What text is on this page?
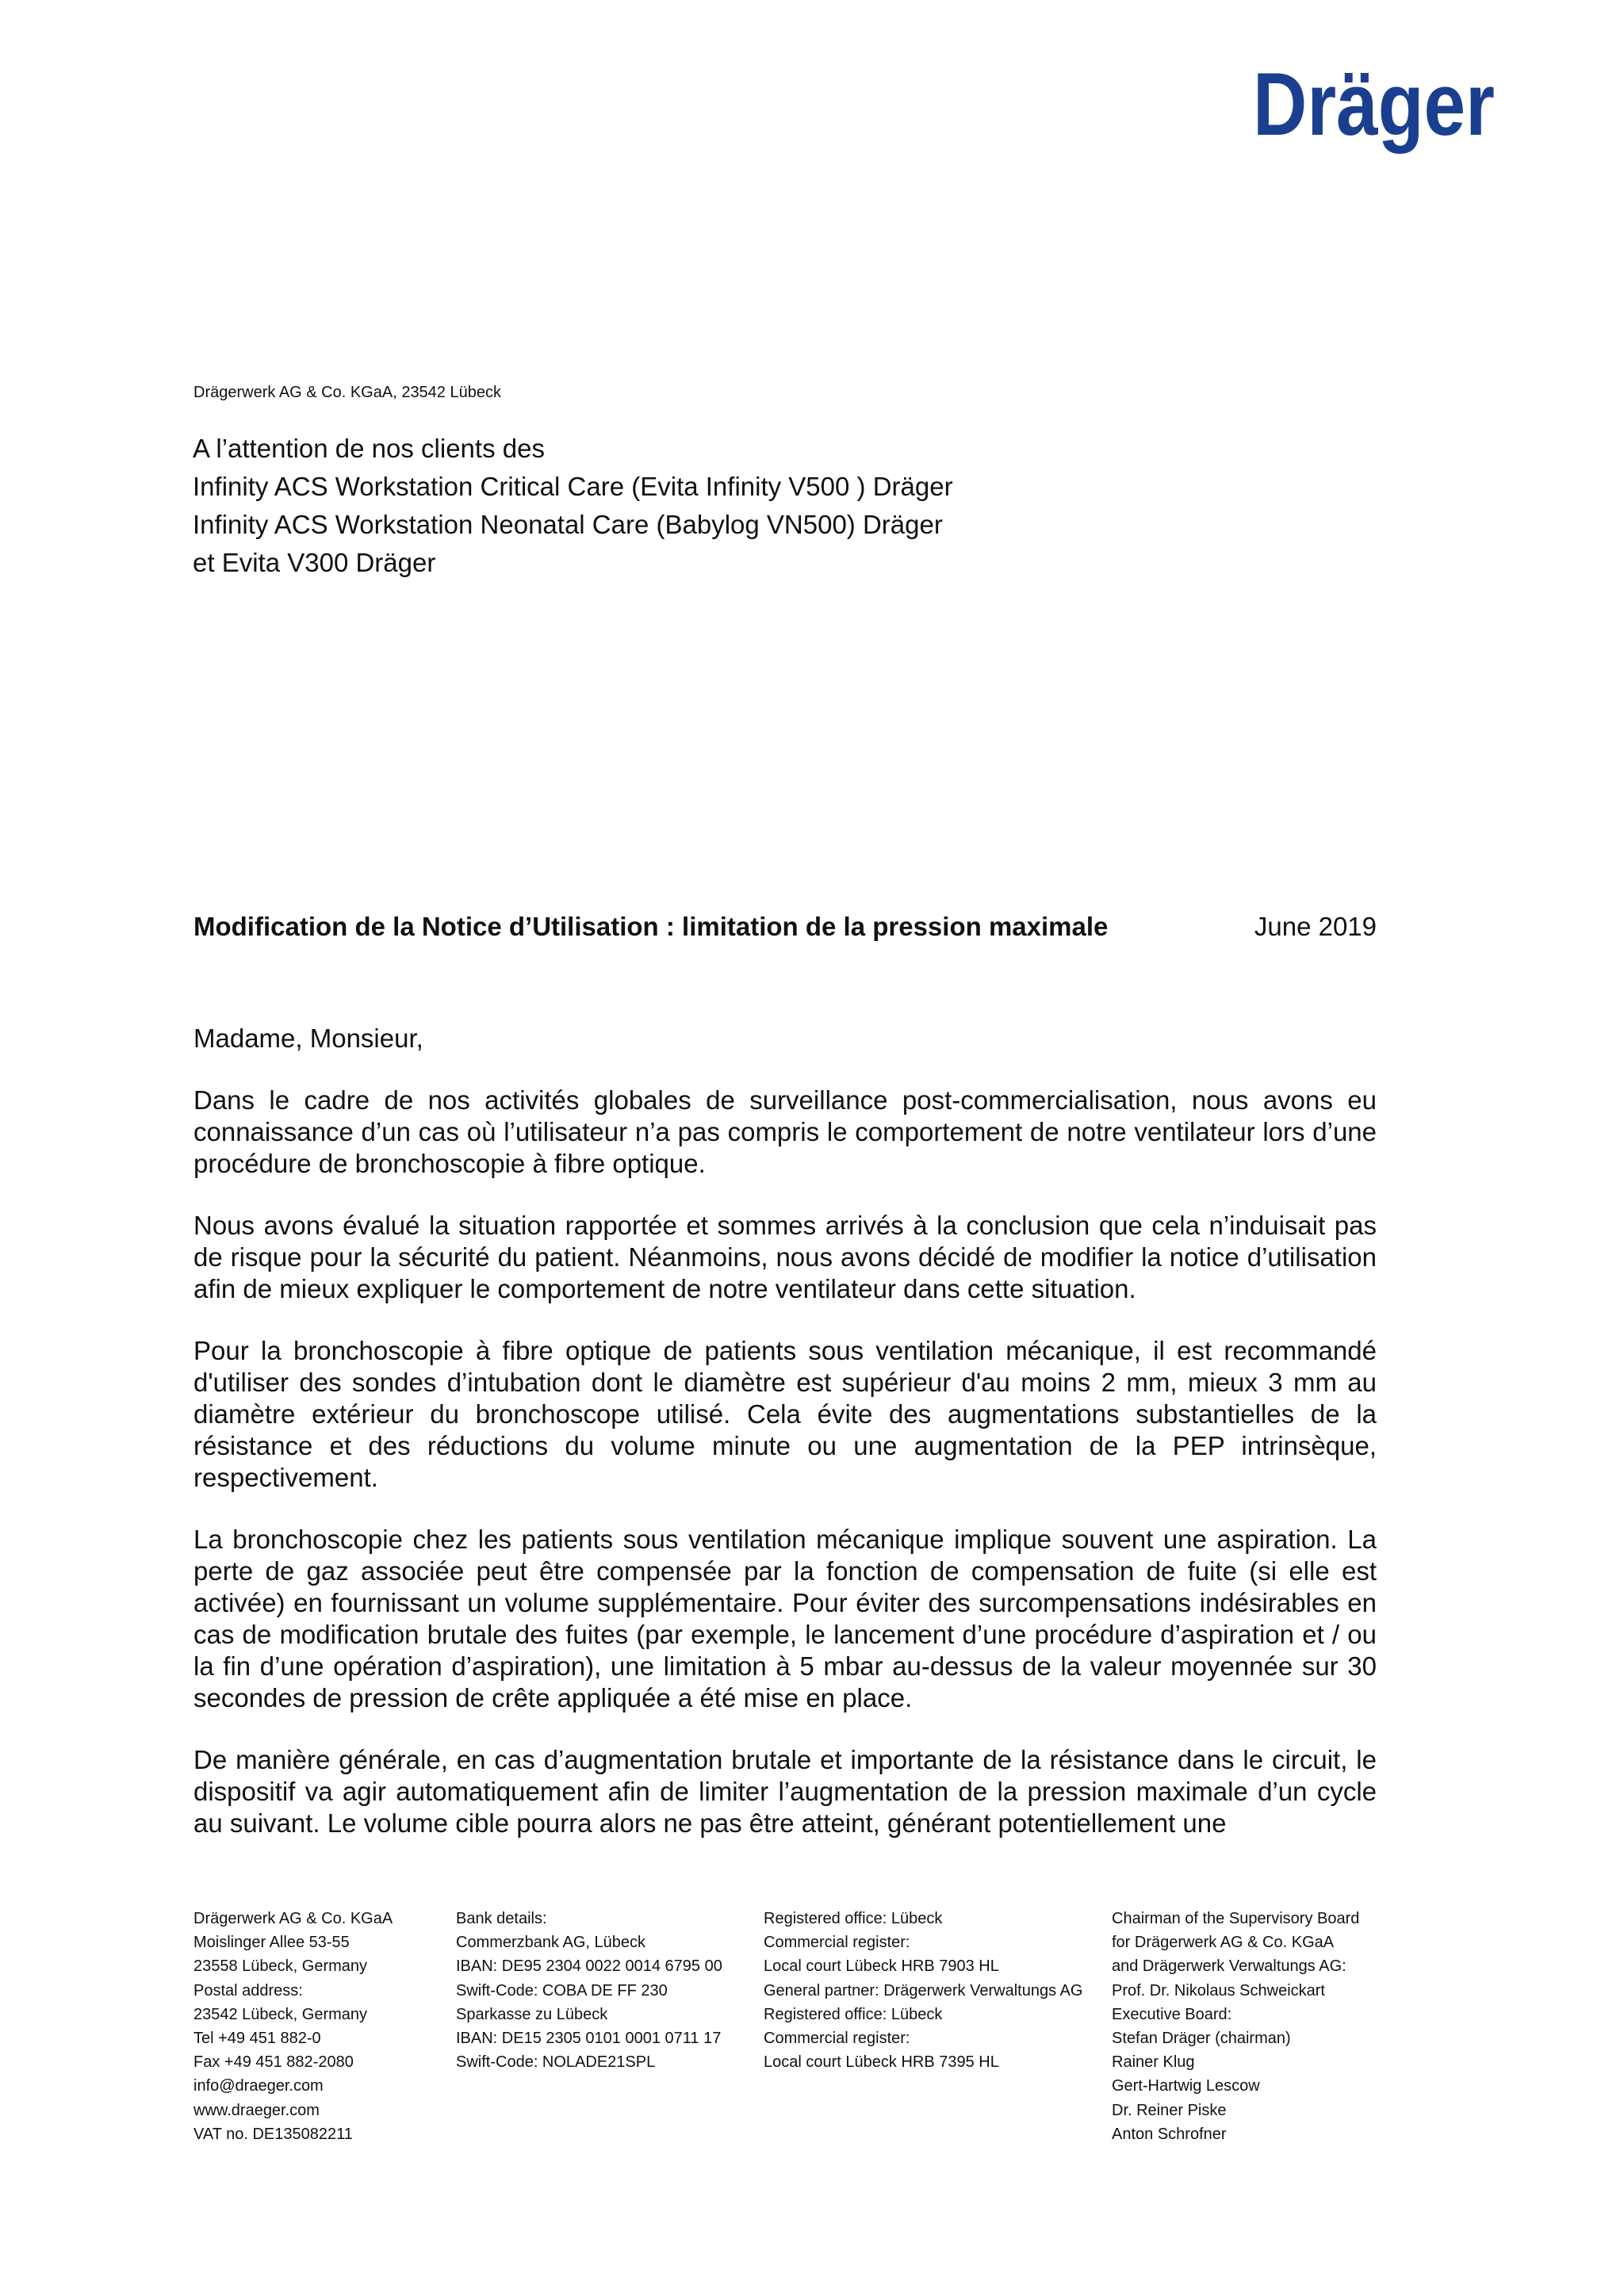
Dräger
Drägerwerk AG & Co. KGaA, 23542 Lübeck
A l’attention de nos clients des
Infinity ACS Workstation Critical Care (Evita Infinity V500 ) Dräger
Infinity ACS Workstation Neonatal Care (Babylog VN500) Dräger
et Evita V300 Dräger
Modification de la Notice d’Utilisation : limitation de la pression maximale	June 2019

Madame, Monsieur,

Dans le cadre de nos activités globales de surveillance post-commercialisation, nous avons eu connaissance d’un cas où l’utilisateur n’a pas compris le comportement de notre ventilateur lors d’une procédure de bronchoscopie à fibre optique.

Nous avons évalué la situation rapportée et sommes arrivés à la conclusion que cela n’induisait pas de risque pour la sécurité du patient. Néanmoins, nous avons décidé de modifier la notice d’utilisation afin de mieux expliquer le comportement de notre ventilateur dans cette situation.

Pour la bronchoscopie à fibre optique de patients sous ventilation mécanique, il est recommandé d'utiliser des sondes d’intubation dont le diamètre est supérieur d'au moins 2 mm, mieux 3 mm au diamètre extérieur du bronchoscope utilisé. Cela évite des augmentations substantielles de la résistance et des réductions du volume minute ou une augmentation de la PEP intrinsèque, respectivement.

La bronchoscopie chez les patients sous ventilation mécanique implique souvent une aspiration. La perte de gaz associée peut être compensée par la fonction de compensation de fuite (si elle est activée) en fournissant un volume supplémentaire. Pour éviter des surcompensations indésirables en cas de modification brutale des fuites (par exemple, le lancement d’une procédure d’aspiration et / ou la fin d’une opération d’aspiration), une limitation à 5 mbar au-dessus de la valeur moyennée sur 30 secondes de pression de crête appliquée a été mise en place.

De manière générale, en cas d’augmentation brutale et importante de la résistance dans le circuit, le dispositif va agir automatiquement afin de limiter l’augmentation de la pression maximale d’un cycle au suivant. Le volume cible pourra alors ne pas être atteint, générant potentiellement une

Drägerwerk AG & Co. KGaA
Moislinger Allee 53-55
23558 Lübeck, Germany
Postal address:
23542 Lübeck, Germany
Tel +49 451 882-0
Fax +49 451 882-2080
info@draeger.com
www.draeger.com
VAT no. DE135082211
Bank details:
Commerzbank AG, Lübeck
IBAN: DE95 2304 0022 0014 6795 00
Swift-Code: COBA DE FF 230
Sparkasse zu Lübeck
IBAN: DE15 2305 0101 0001 0711 17
Swift-Code: NOLADE21SPL
Registered office: Lübeck
Commercial register:
Local court Lübeck HRB 7903 HL
General partner: Drägerwerk Verwaltungs AG
Registered office: Lübeck
Commercial register:
Local court Lübeck HRB 7395 HL
Chairman of the Supervisory Board
for Drägerwerk AG & Co. KGaA
and Drägerwerk Verwaltungs AG:
Prof. Dr. Nikolaus Schweickart
Executive Board:
Stefan Dräger (chairman)
Rainer Klug
Gert-Hartwig Lescow
Dr. Reiner Piske
Anton Schrofner
